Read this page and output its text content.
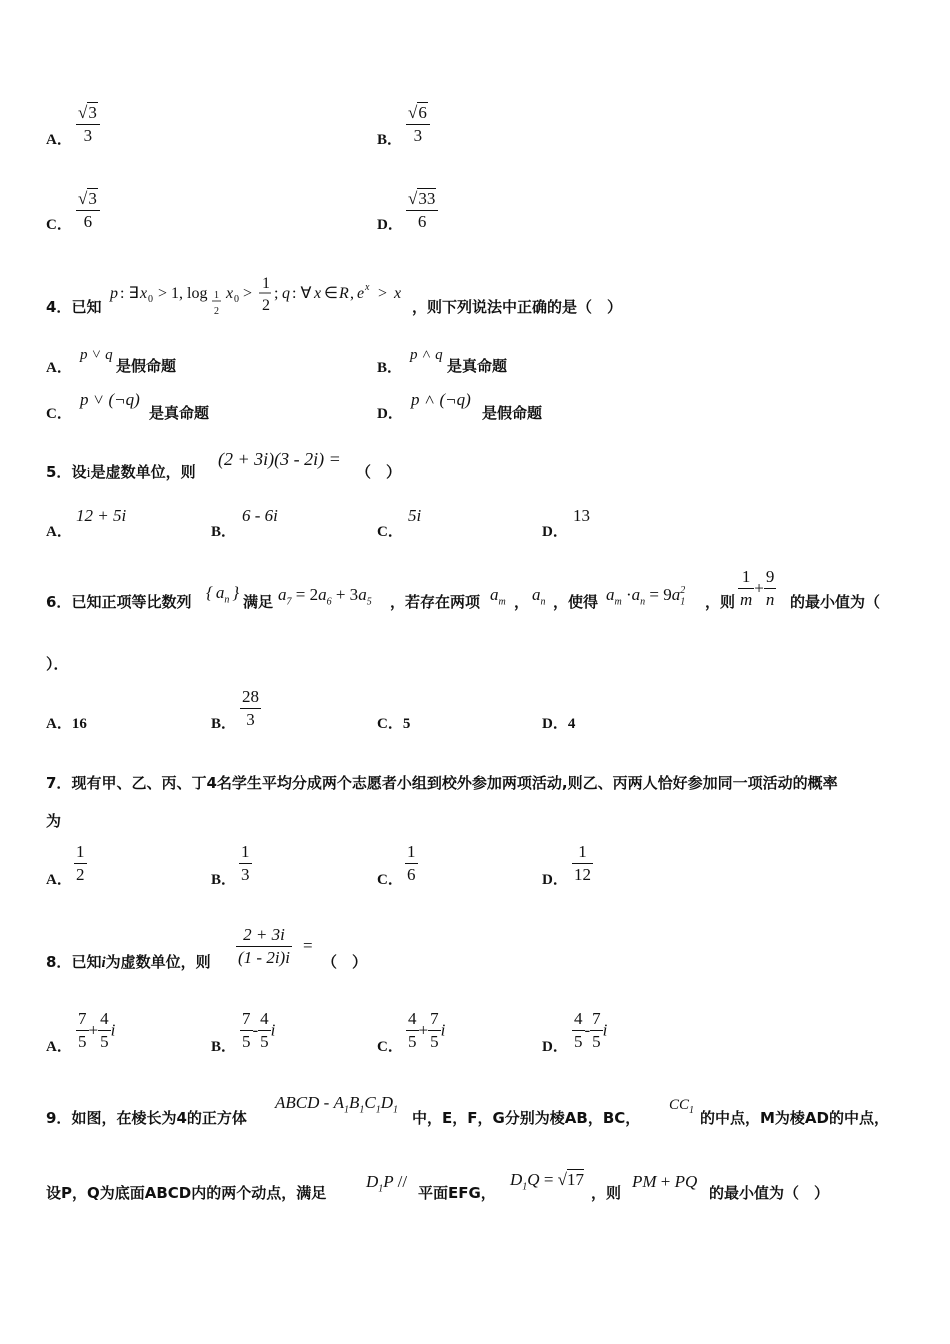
A． $\frac{√3}{3}$	B． $\frac{√6}{3}$
C． $\frac{√3}{6}$	D． $\frac{√33}{6}$
4．已知
p : ∃ x 0 > 1, log 1
2
x 0 >
1
2
; q : ∀ x ∈ R , e x > x
，则下列说法中正确的是（　）
A．
p ˅ q
是假命题	B．
p ˄ q
是真命题
C．
p ˅ (¬q)
是真命题	D．
p ˄ (¬q)
是假命题
5．设i是虚数单位，则
(2 + 3i)(3 - 2i) =
（　）
A．
12 + 5i
B．
6 - 6i
C．
5i
D．
13
6．已知正项等比数列 { $a_n$ } 满足 $a_7 = 2a_6 + 3a_5$ ，若存在两项 $a_m$ ， $a_n$ ，使得 $a_m \cdot a_n = 9a_1^2$
，则 $\frac{1}{m} + \frac{9}{n}$ 的最小值为（
）．
A．16	B． $\frac{28}{3}$	C．5	D．4
7．现有甲、乙、丙、丁4名学生平均分成两个志愿者小组到校外参加两项活动,则乙、丙两人恰好参加同一项活动的概率
为
A． $\frac{1}{2}$	B． $\frac{1}{3}$	C． $\frac{1}{6}$	D． $\frac{1}{12}$
8．已知i为虚数单位，则 $\frac{2 + 3i}{(1 - 2i)i}$ =
（　）
A． $\frac{7}{5} + \frac{4}{5}$ i
B． $\frac{7}{5} - \frac{4}{5}$ i
C． $\frac{4}{5} + \frac{7}{5}$ i
D． $\frac{4}{5} - \frac{7}{5}$ i
9．如图，在棱长为4的正方体
ABCD - $A_1B_1C_1D_1$ 中，E，F，G分别为棱AB，BC，
$CC_1$ 的中点，M为棱AD的中点，
设P，Q为底面ABCD内的两个动点，满足
$D_1P$ //
平面EFG，
$D_1Q = √17$
，则
PM + PQ
的最小值为（　）
